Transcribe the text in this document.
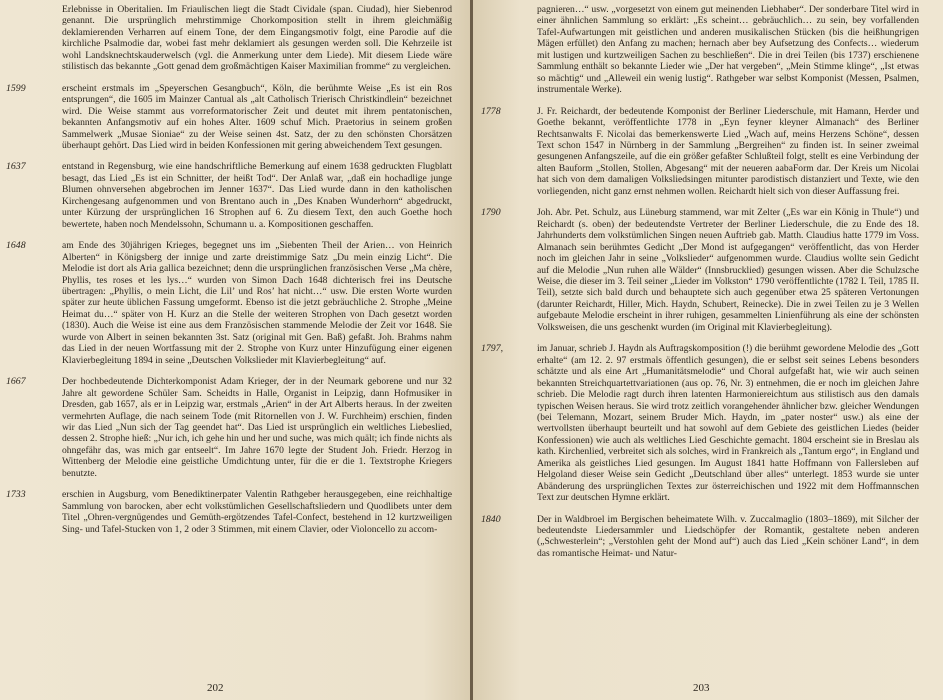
Erlebnisse in Oberitalien. Im Friaulischen liegt die Stadt Cividale (span. Ciudad), hier Siebenrod genannt. Die ursprünglich mehrstimmige Chorkomposition stellt in ihrem gleichmäßig deklamierenden Verharren auf einem Tone, der dem Eingangsmotiv folgt, eine Parodie auf die kirchliche Psalmodie dar, wobei fast mehr deklamiert als gesungen werden soll. Die Kehrzeile ist wohl Landsknechtskauderwelsch (vgl. die Anmerkung unter dem Liede). Mit diesem Liede wäre stilistisch das bekannte „Gott genad dem großmächtigen Kaiser Maximilian fromme“ zu vergleichen.
1599	erscheint erstmals im „Speyerschen Gesangbuch“, Köln, die berühmte Weise „Es ist ein Ros entsprungen“, die 1605 im Mainzer Cantual als „alt Catholisch Trierisch Christkindlein“ bezeichnet wird. Die Weise stammt aus vorreformatorischer Zeit und deutet mit ihrem pentatonischen, bekannten Anfangsmotiv auf ein hohes Alter. 1609 schuf Mich. Praetorius in seinem großen Sammelwerk „Musae Sioniae“ zu der Weise seinen 4st. Satz, der zu den schönsten Chorsätzen überhaupt gehört. Das Lied wird in beiden Konfessionen mit gering abweichendem Text gesungen.
1637	entstand in Regensburg, wie eine handschriftliche Bemerkung auf einem 1638 gedruckten Flugblatt besagt, das Lied „Es ist ein Schnitter, der heißt Tod“. Der Anlaß war, „daß ein hochadlige junge Blumen ohnversehen abgebrochen im Jenner 1637“. Das Lied wurde dann in den katholischen Kirchengesang aufgenommen und von Brentano auch in „Des Knaben Wunderhorn“ abgedruckt, unter Kürzung der ursprünglichen 16 Strophen auf 6. Zu diesem Text, den auch Goethe hoch bewertete, haben noch Mendelssohn, Schumann u. a. Kompositionen geschaffen.
1648	am Ende des 30jährigen Krieges, begegnet uns im „Siebenten Theil der Arien… von Heinrich Alberten“ in Königsberg der innige und zarte dreistimmige Satz „Du mein einzig Licht“. Die Melodie ist dort als Aria gallica bezeichnet; denn die ursprünglichen französischen Verse „Ma chère, Phyllis, tes roses et les lys…“ wurden von Simon Dach 1648 dichterisch frei ins Deutsche übertragen: „Phyllis, o mein Licht, die Lil’ und Ros’ hat nicht…“ usw. Die ersten Worte wurden später zur heute üblichen Fassung umgeformt. Ebenso ist die jetzt gebräuchliche 2. Strophe „Meine Heimat du…“ später von H. Kurz an die Stelle der weiteren Strophen von Dach gesetzt worden (1830). Auch die Weise ist eine aus dem Französischen stammende Melodie der Zeit vor 1648. Sie wurde von Albert in seinen bekannten 3st. Satz (original mit Gen. Baß) gefaßt. Joh. Brahms nahm das Lied in der neuen Wortfassung mit der 2. Strophe von Kurz unter Hinzufügung einer eigenen Klavierbegleitung 1894 in seine „Deutschen Volkslieder mit Klavierbegleitung“ auf.
1667	Der hochbedeutende Dichterkomponist Adam Krieger, der in der Neumark geborene und nur 32 Jahre alt gewordene Schüler Sam. Scheidts in Halle, Organist in Leipzig, dann Hofmusiker in Dresden, gab 1657, als er in Leipzig war, erstmals „Arien“ in der Art Alberts heraus. In der zweiten vermehrten Auflage, die nach seinem Tode (mit Ritornellen von J. W. Furchheim) erschien, finden wir das Lied „Nun sich der Tag geendet hat“. Das Lied ist ursprünglich ein weltliches Liebeslied, dessen 2. Strophe hieß: „Nur ich, ich gehe hin und her und suche, was mich quält; ich finde nichts als ohngefähr das, was mich gar entseelt“. Im Jahre 1670 legte der Student Joh. Friedr. Herzog in Wittenberg der Melodie eine geistliche Umdichtung unter, für die er die 1. Textstrophe Kriegers benutzte.
1733	erschien in Augsburg, vom Benediktinerpater Valentin Rathgeber herausgegeben, eine reichhaltige Sammlung von barocken, aber echt volkstümlichen Gesellschaftsliedern und Quodlibets unter dem Titel „Ohren-vergnügendes und Gemüth-ergötzendes Tafel-Confect, bestehend in 12 kurtzweiligen Sing- und Tafel-Stucken von 1, 2 oder 3 Stimmen, mit einem Clavier, oder Violoncello zu accom-
202
pagnieren…“ usw. „vorgesetzt von einem gut meinenden Liebhaber“. Der sonderbare Titel wird in einer ähnlichen Sammlung so erklärt: „Es scheint… gebräuchlich… zu sein, bey vorfallenden Tafel-Aufwartungen mit geistlichen und anderen musikalischen Stücken (bis die heißhungrigen Mägen erfüllet) den Anfang zu machen; hernach aber bey Aufsetzung des Confects… wiederum mit lustigen und kurtzweiligen Sachen zu beschließen“. Die in drei Teilen (bis 1737) erschienene Sammlung enthält so bekannte Lieder wie „Der hat vergeben“, „Mein Stimme klinge“, „Ist etwas so mächtig“ und „Alleweil ein wenig lustig“. Rathgeber war selbst Komponist (Messen, Psalmen, instrumentale Werke).
1778	J. Fr. Reichardt, der bedeutende Komponist der Berliner Liederschule, mit Hamann, Herder und Goethe bekannt, veröffentlichte 1778 in „Eyn feyner kleyner Almanach“ des Berliner Rechtsanwalts F. Nicolai das bemerkenswerte Lied „Wach auf, meins Herzens Schöne“, dessen Text schon 1547 in Nürnberg in der Sammlung „Bergreihen“ zu finden ist. In seiner zweimal gesungenen Anfangszeile, auf die ein größer gefaßter Schlußteil folgt, stellt es eine Verbindung der alten Bauform „Stollen, Stollen, Abgesang“ mit der neueren aabaForm dar. Der Kreis um Nicolai hat sich von dem damaligen Volksliedsingen mitunter parodistisch distanziert und Texte, wie den vorliegenden, nicht ganz ernst nehmen wollen. Reichardt hielt sich von dieser Auffassung frei.
1790	Joh. Abr. Pet. Schulz, aus Lüneburg stammend, war mit Zelter („Es war ein König in Thule“) und Reichardt (s. oben) der bedeutendste Vertreter der Berliner Liederschule, die zu Ende des 18. Jahrhunderts dem volkstümlichen Singen neuen Auftrieb gab. Matth. Claudius hatte 1779 im Voss. Almanach sein berühmtes Gedicht „Der Mond ist aufgegangen“ veröffentlicht, das von Herder noch im gleichen Jahr in seine „Volkslieder“ aufgenommen wurde. Claudius wollte sein Gedicht auf die Melodie „Nun ruhen alle Wälder“ (Innsbrucklied) gesungen wissen. Aber die Schulzsche Weise, die dieser im 3. Teil seiner „Lieder im Volkston“ 1790 veröffentlichte (1782 I. Teil, 1785 II. Teil), setzte sich bald durch und behauptete sich auch gegenüber etwa 25 späteren Vertonungen (darunter Reichardt, Hiller, Mich. Haydn, Schubert, Reinecke). Die in zwei Teilen zu je 3 Wellen aufgebaute Melodie erscheint in ihrer ruhigen, gesammelten Linienführung als eine der schönsten Volksweisen, die uns geschenkt wurden (im Original mit Klavierbegleitung).
1797,	im Januar, schrieb J. Haydn als Auftragskomposition (!) die berühmt gewordene Melodie des „Gott erhalte“ (am 12. 2. 97 erstmals öffentlich gesungen), die er selbst seit seines Lebens besonders schätzte und als eine Art „Humanitätsmelodie“ und Choral aufgefaßt hat, wie wir auch seinen bekannten Streichquartettvariationen (aus op. 76, Nr. 3) entnehmen, die er noch im gleichen Jahre schrieb. Die Melodie ragt durch ihren latenten Harmoniereichtum aus stilistisch aus den damals typischen Weisen heraus. Sie wird trotz zeitlich vorangehender ähnlicher bzw. gleicher Wendungen (bei Telemann, Mozart, seinem Bruder Mich. Haydn, im „pater noster“ usw.) als eine der wertvollsten überhaupt beurteilt und hat sowohl auf dem Gebiete des geistlichen Liedes (beider Konfessionen) wie auch als weltliches Lied Geschichte gemacht. 1804 erscheint sie in Breslau als kath. Kirchenlied, verbreitet sich als solches, wird in Frankreich als „Tantum ergo“, in England und Amerika als geistliches Lied gesungen. Im August 1841 hatte Hoffmann von Fallersleben auf Helgoland dieser Weise sein Gedicht „Deutschland über alles“ unterlegt. 1853 wurde sie unter Abänderung des ursprünglichen Textes zur österreichischen und 1922 mit dem Hoffmannschen Text zur deutschen Hymne erklärt.
1840	Der in Waldbroel im Bergischen beheimatete Wilh. v. Zuccalmaglio (1803–1869), mit Silcher der bedeutendste Liedersammler und Liedschöpfer der Romantik, gestaltete neben anderen („Schwesterlein“; „Verstohlen geht der Mond auf“) auch das Lied „Kein schöner Land“, in dem das romantische Heimat- und Natur-
203
